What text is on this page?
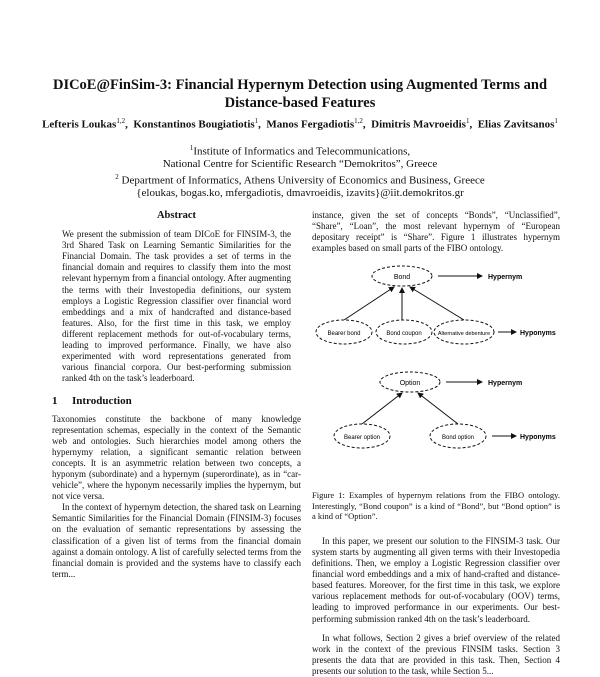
DICoE@FinSim-3: Financial Hypernym Detection using Augmented Terms and Distance-based Features
Lefteris Loukas$^{1,2}$,  Konstantinos Bougiatiotis$^1$,  Manos Fergadiotis$^{1,2}$,  Dimitris Mavroeidis$^1$,  Elias Zavitsanos$^1$
$^1$Institute of Informatics and Telecommunications,
National Centre for Scientific Research “Demokritos”, Greece
$^2$ Department of Informatics, Athens University of Economics and Business, Greece
{eloukas, bogas.ko, mfergadiotis, dmavroeidis, izavits}@iit.demokritos.gr
Abstract

We present the submission of team DICoE for FINSIM-3, the 3rd Shared Task on Learning Semantic Similarities for the Financial Domain. The task provides a set of terms in the financial domain and requires to classify them into the most relevant hypernym from a financial ontology. After augmenting the terms with their Investopedia definitions, our system employs a Logistic Regression classifier over financial word embeddings and a mix of handcrafted and distance-based features. Also, for the first time in this task, we employ different replacement methods for out-of-vocabulary terms, leading to improved performance. Finally, we have also experimented with word representations generated from various financial corpora. Our best-performing submission ranked 4th on the task’s leaderboard.

1 Introduction

Taxonomies constitute the backbone of many knowledge representation schemas, especially in the context of the Semantic web and ontologies. Such hierarchies model among others the hypernymy relation, a significant semantic relation between concepts. It is an asymmetric relation between two concepts, a hyponym (subordinate) and a hypernym (superordinate), as in “car-vehicle”, where the hyponym necessarily implies the hypernym, but not vice versa.

In the context of hypernym detection, the shared task on Learning Semantic Similarities for the Financial Domain (FINSIM-3) focuses on the evaluation of semantic representations by assessing the classification of a given list of terms from the financial domain against a domain ontology. A list of carefully selected terms from the financial domain is provided and the systems have to classify each term...

instance, given the set of concepts “Bonds”, “Unclassified”, “Share”, “Loan”, the most relevant hypernym of “European depositary receipt” is “Share”. Figure 1 illustrates hypernym examples based on small parts of the FIBO ontology.

Bond	Hypernym
Bearer bond	Bond coupon	Alternative debenture	Hyponyms
Option	Hypernym
Bearer option	Bond option	Hyponyms

Figure 1: Examples of hypernym relations from the FIBO ontology. Interestingly, “Bond coupon” is a kind of “Bond”, but “Bond option” is a kind of “Option”.

In this paper, we present our solution to the FINSIM-3 task. Our system starts by augmenting all given terms with their Investopedia definitions. Then, we employ a Logistic Regression classifier over financial word embeddings and a mix of hand-crafted and distance-based features. Moreover, for the first time in this task, we explore various replacement methods for out-of-vocabulary (OOV) terms, leading to improved performance in our experiments. Our best-performing submission ranked 4th on the task’s leaderboard.

In what follows, Section 2 gives a brief overview of the related work in the context of the previous FINSIM tasks. Section 3 presents the data that are provided in this task. Then, Section 4 presents our solution to the task, while Section 5...
